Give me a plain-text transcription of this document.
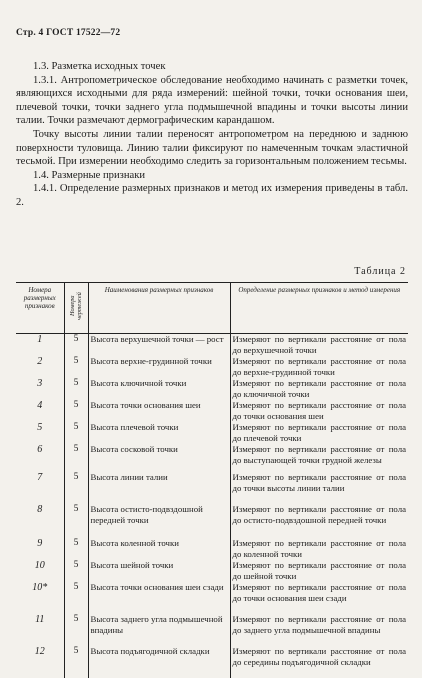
Стр. 4 ГОСТ 17522—72

1.3. Разметка исходных точек

1.3.1. Антропометрическое обследование необходимо начинать с разметки точек, являющихся исходными для ряда измерений: шейной точки, точки основания шеи, плечевой точки, точки заднего угла подмышечной впадины и точки высоты линии талии. Точки размечают дермографическим карандашом.

Точку высоты линии талии переносят антропометром на переднюю и заднюю поверхности туловища. Линию талии фиксируют по намеченным точкам эластичной тесьмой. При измерении необходимо следить за горизонтальным положением тесьмы.

1.4. Размерные признаки

1.4.1. Определение размерных признаков и метод их измерения приведены в табл. 2.

Таблица 2
Номера размерных признаков	Номера чертежей	Наименования размерных признаков	Определение размерных признаков и метод измерения
1	5	Высота верхушечной точки — рост	Измеряют по вертикали расстояние от пола до верхушечной точки
2	5	Высота верхне-грудинной точки	Измеряют по вертикали расстояние от пола до верхне-грудинной точки
3	5	Высота ключичной точки	Измеряют по вертикали расстояние от пола до ключичной точки
4	5	Высота точки основания шеи	Измеряют по вертикали расстояние от пола до точки основания шеи
5	5	Высота плечевой точки	Измеряют по вертикали расстояние от пола до плечевой точки
6	5	Высота сосковой точки	Измеряют по вертикали расстояние от пола до выступающей точки грудной железы
7	5	Высота линии талии	Измеряют по вертикали расстояние от пола до точки высоты линии талии
8	5	Высота остисто-подвздошной передней точки	Измеряют по вертикали расстояние от пола до остисто-подвздошной передней точки
9	5	Высота коленной точки	Измеряют по вертикали расстояние от пола до коленной точки
10	5	Высота шейной точки	Измеряют по вертикали расстояние от пола до шейной точки
10*	5	Высота точки основания шеи сзади	Измеряют по вертикали расстояние от пола до точки основания шеи сзади
11	5	Высота заднего угла подмышечной впадины	Измеряют по вертикали расстояние от пола до заднего угла подмышечной впадины
12	5	Высота подъягодичной складки	Измеряют по вертикали расстояние от пола до середины подъягодичной складки
